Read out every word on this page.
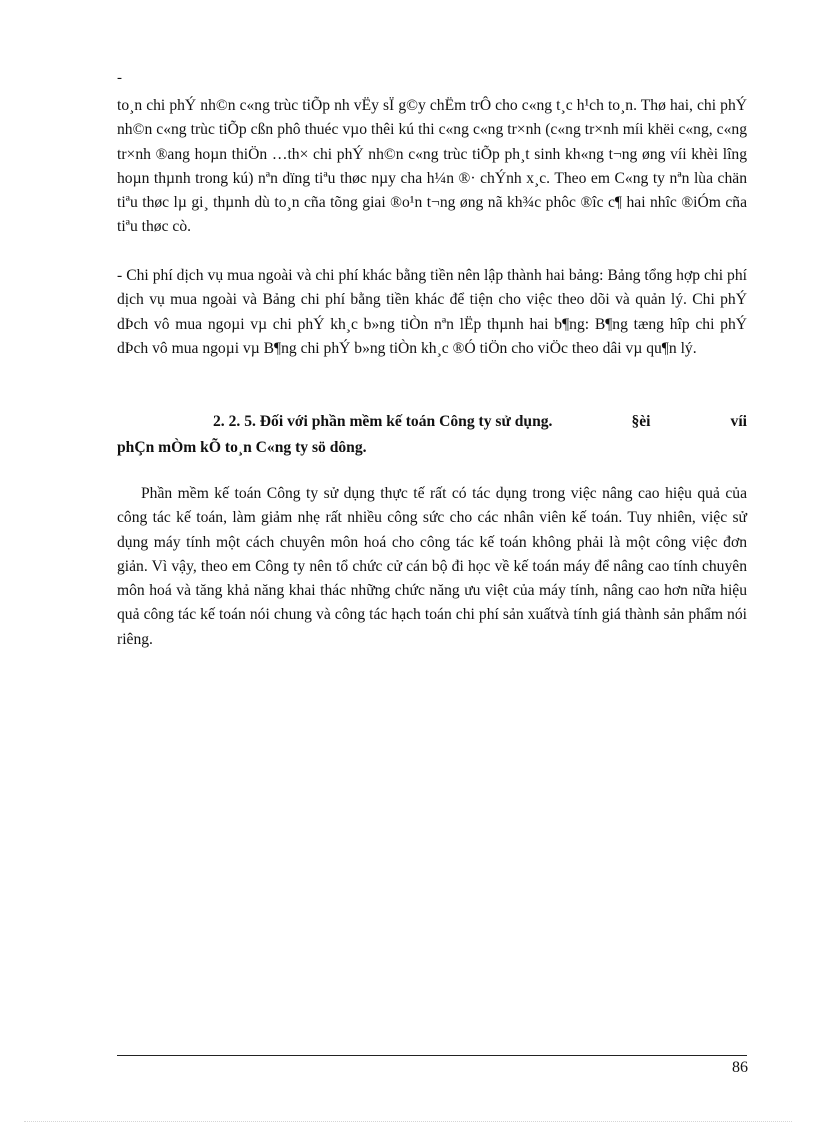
-

to¸n chi phÝ nh©n c«ng trùc tiÕp nh vËy sÏ g©y chËm trÔ cho c«ng t¸c h¹ch to¸n. Thø hai, chi phÝ nh©n c«ng trùc tiÕp cßn phô thuéc vµo thêi kú thi c«ng c«ng tr×nh (c«ng tr×nh míi khëi c«ng, c«ng tr×nh ®ang hoµn thiÖn …th× chi phÝ nh©n c«ng trùc tiÕp ph¸t sinh kh«ng t¬ng øng víi khèi lîng hoµn thµnh trong kú) nªn dïng tiªu thøc nµy cha h¼n ®· chÝnh x¸c. Theo em C«ng ty nªn lùa chän tiªu thøc lµ gi¸ thµnh dù to¸n cña tõng giai ®o¹n t¬ng øng nã kh¾c phôc ®îc c¶ hai nhîc ®iÓm cña tiªu thøc cò.

- Chi phí dịch vụ mua ngoài và chi phí khác bằng tiền nên lập thành hai bảng: Bảng tổng hợp chi phí dịch vụ mua ngoài và Bảng chi phí bằng tiền khác để tiện cho việc theo dõi và quản lý. Chi phÝ dÞch vô mua ngoµi vµ chi phÝ kh¸c b»ng tiÒn nªn lËp thµnh hai b¶ng: B¶ng tæng hîp chi phÝ dÞch vô mua ngoµi vµ B¶ng chi phÝ b»ng tiÒn kh¸c ®Ó tiÖn cho viÖc theo dâi vµ qu¶n lý.

2. 2. 5. Đối với phần mềm kế toán Công ty sử dụng.	§èi	víi
phÇn mÒm kÕ to¸n C«ng ty sö dông.

Phần mềm kế toán Công ty sử dụng thực tế rất có tác dụng trong việc nâng cao hiệu quả của công tác kế toán, làm giảm nhẹ rất nhiều công sức cho các nhân viên kế toán. Tuy nhiên, việc sử dụng máy tính một cách chuyên môn hoá cho công tác kế toán không phải là một công việc đơn giản. Vì vậy, theo em Công ty nên tổ chức cử cán bộ đi học về kế toán máy để nâng cao tính chuyên môn hoá và tăng khả năng khai thác những chức năng ưu việt của máy tính, nâng cao hơn nữa hiệu quả công tác kế toán nói chung và công tác hạch toán chi phí sản xuấtvà tính giá thành sản phẩm nói riêng.

86
